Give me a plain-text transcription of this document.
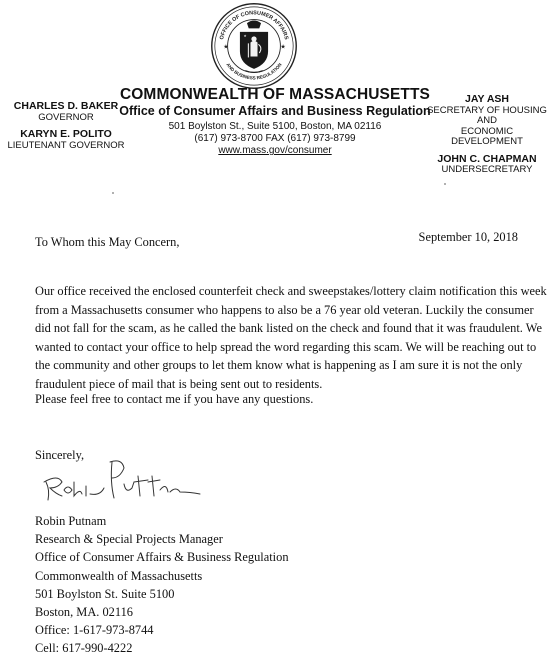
OFFICE OF CONSUMER AFFAIRS
AND BUSINESS REGULATION
★	★
★
COMMONWEALTH OF MASSACHUSETTS
Office of Consumer Affairs and Business Regulation
501 Boylston St., Suite 5100, Boston, MA 02116
(617) 973-8700 FAX (617) 973-8799
www.mass.gov/consumer
CHARLES D. BAKER
GOVERNOR
KARYN E. POLITO
LIEUTENANT GOVERNOR
JAY ASH
SECRETARY OF HOUSING AND
ECONOMIC DEVELOPMENT
JOHN C. CHAPMAN
UNDERSECRETARY
To Whom this May Concern,	September 10, 2018
Our office received the enclosed counterfeit check and sweepstakes/lottery claim notification this week from a Massachusetts consumer who happens to also be a 76 year old veteran. Luckily the consumer did not fall for the scam, as he called the bank listed on the check and found that it was fraudulent. We wanted to contact your office to help spread the word regarding this scam. We will be reaching out to the community and other groups to let them know what is happening as I am sure it is not the only fraudulent piece of mail that is being sent out to residents.
Please feel free to contact me if you have any questions.
Sincerely,
Robin Putnam
Research & Special Projects Manager
Office of Consumer Affairs & Business Regulation
Commonwealth of Massachusetts
501 Boylston St. Suite 5100
Boston, MA. 02116
Office: 1-617-973-8744
Cell: 617-990-4222
